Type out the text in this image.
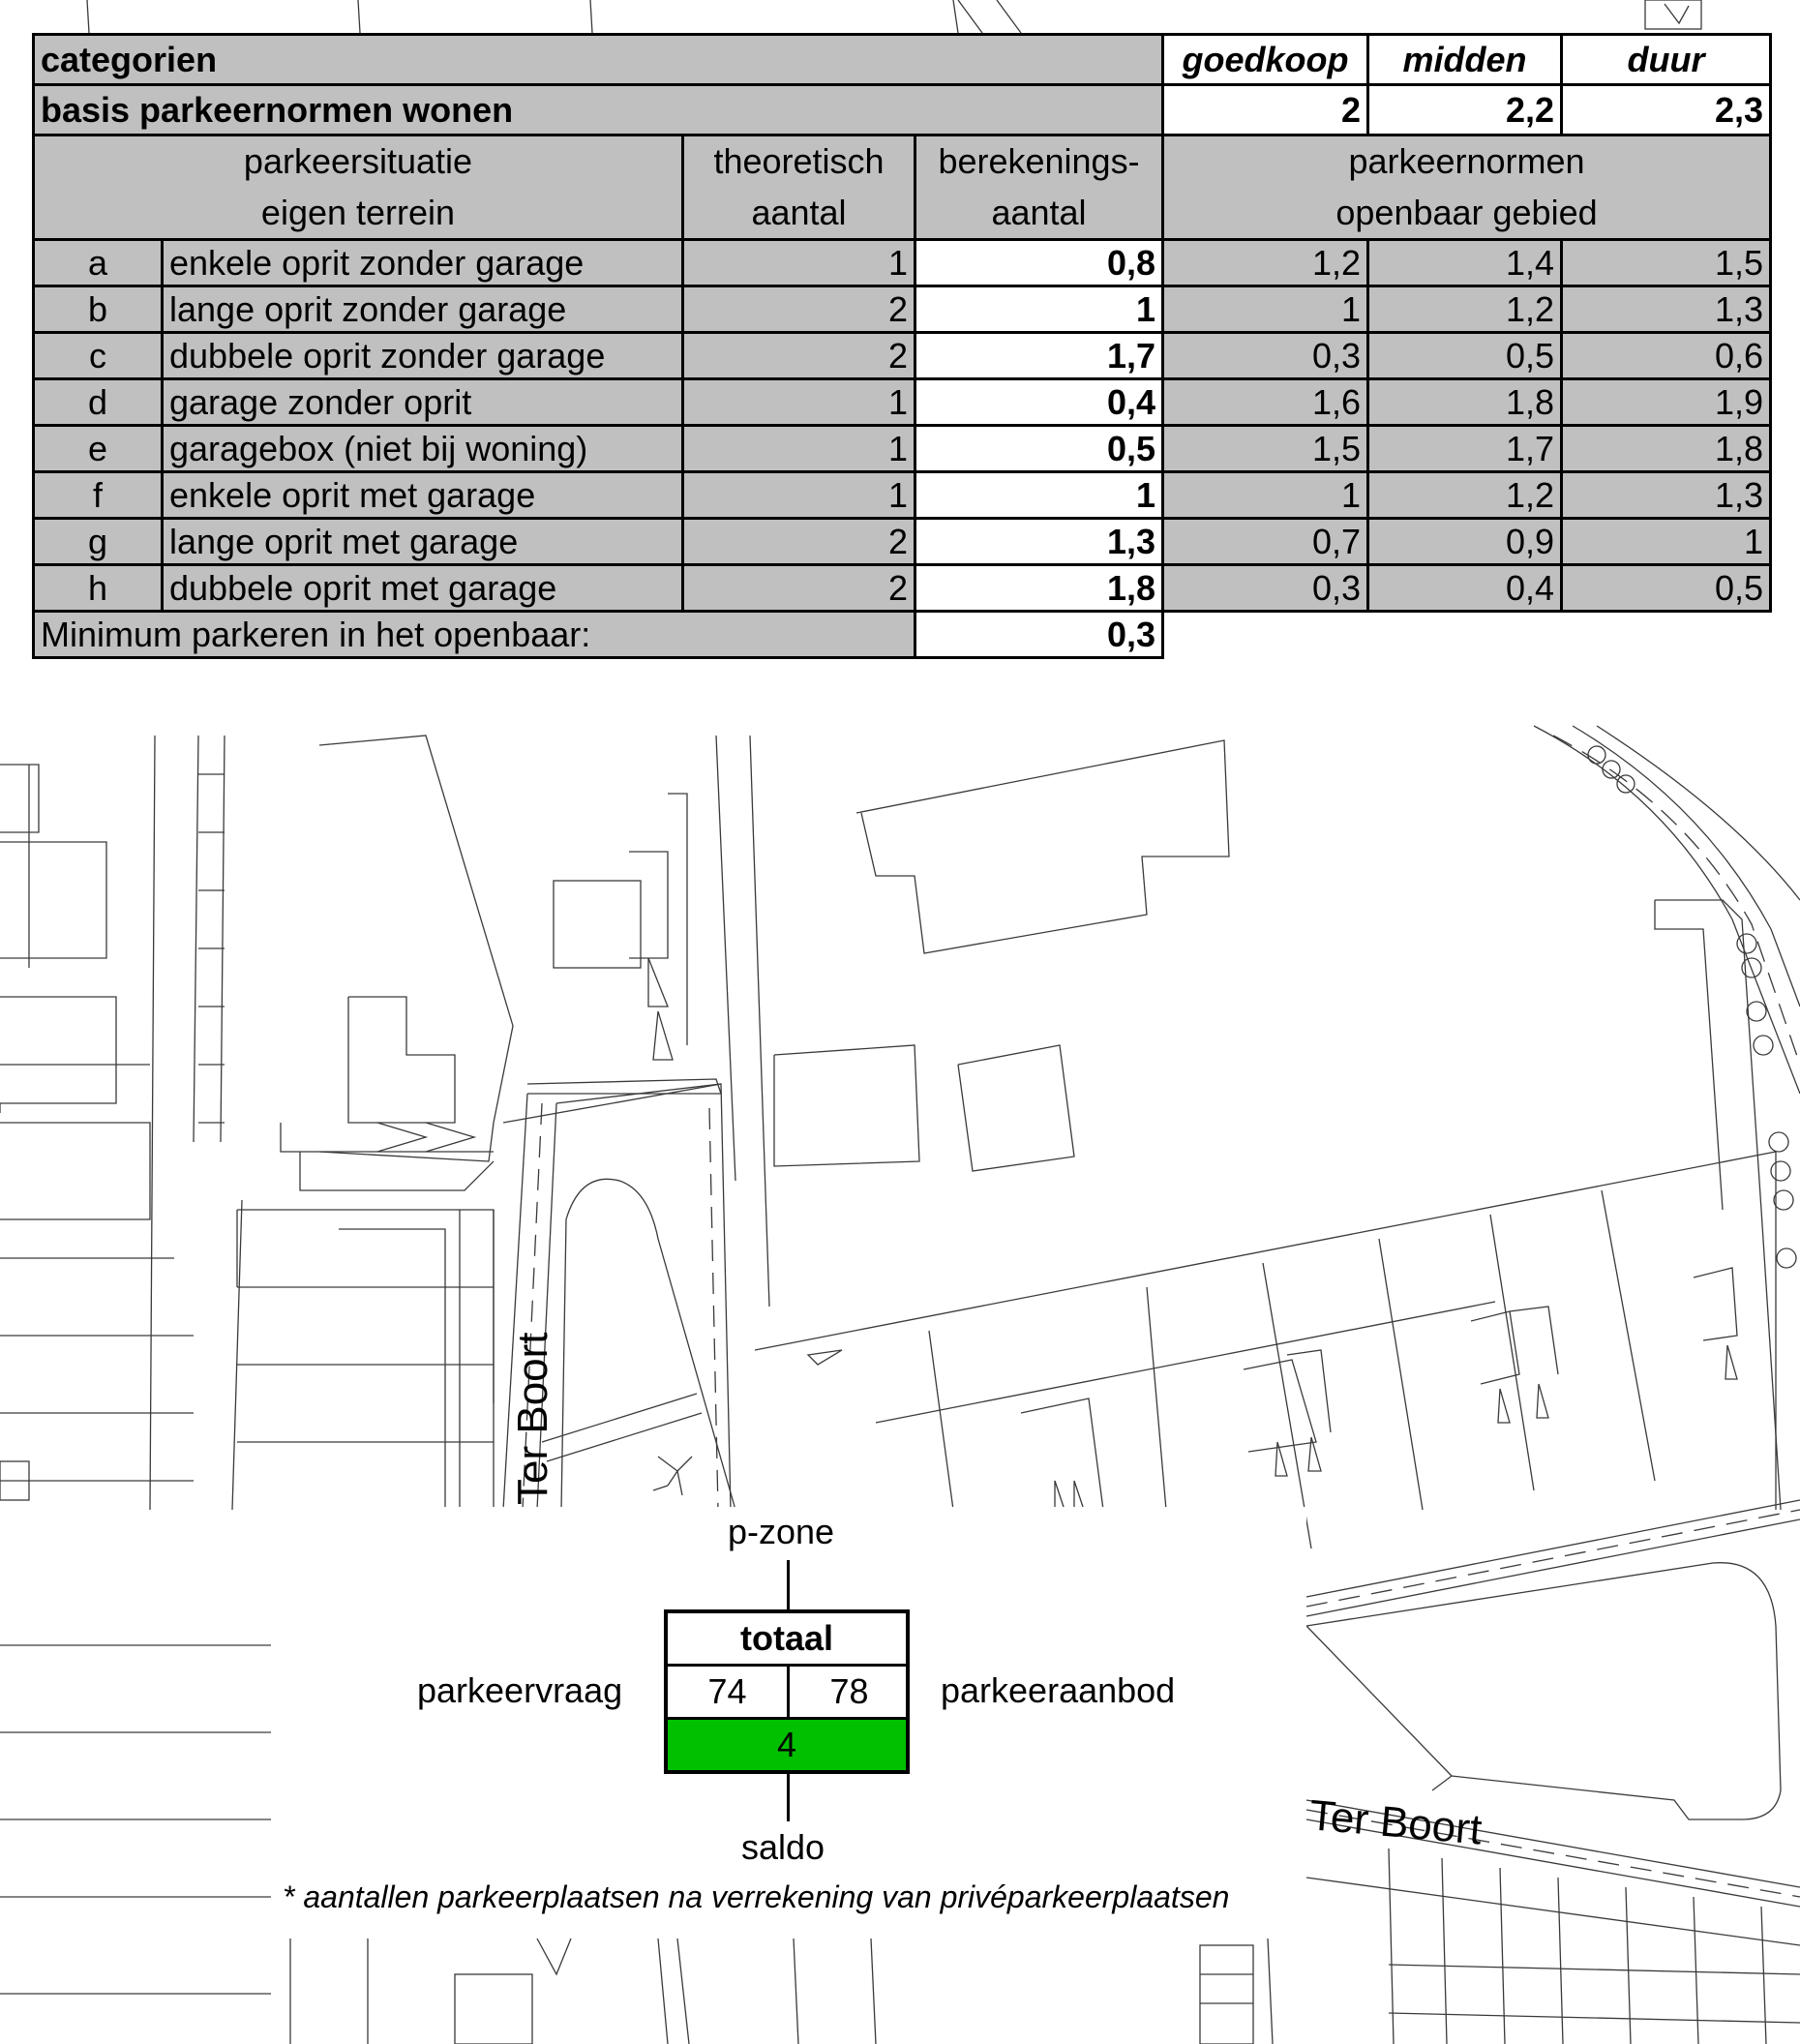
Ter Boort
Ter Boort
categorien				goedkoop	midden	duur
basis parkeernormen wonen				2	2,2	2,3
parkeersituatie		theoretisch	berekenings-	parkeernormen		
eigen terrein		aantal	aantal	openbaar gebied		
a	enkele oprit zonder garage	1	0,8	1,2	1,4	1,5
b	lange oprit zonder garage	2	1	1	1,2	1,3
c	dubbele oprit zonder garage	2	1,7	0,3	0,5	0,6
d	garage zonder oprit	1	0,4	1,6	1,8	1,9
e	garagebox (niet bij woning)	1	0,5	1,5	1,7	1,8
f	enkele oprit met garage	1	1	1	1,2	1,3
g	lange oprit met garage	2	1,3	0,7	0,9	1
h	dubbele oprit met garage	2	1,8	0,3	0,4	0,5
Minimum parkeren in het openbaar:			0,3			
p-zone
parkeervraag	parkeeraanbod
totaal
74	78
4
saldo
* aantallen parkeerplaatsen na verrekening van privéparkeerplaatsen
